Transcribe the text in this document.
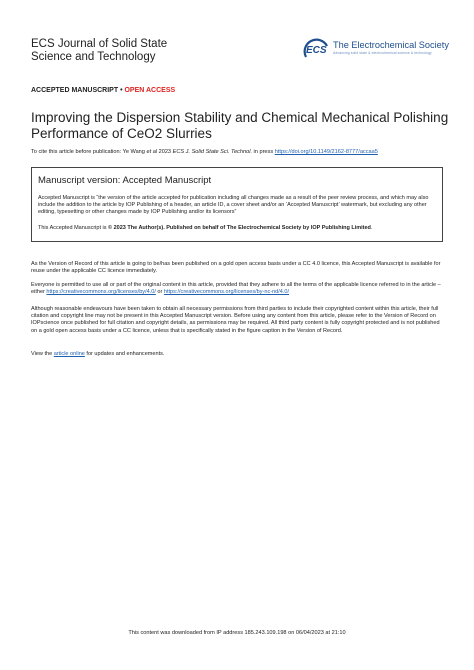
ECS Journal of Solid State
Science and Technology
ECS The Electrochemical Society
Advancing solid state & electrochemical science & technology
ACCEPTED MANUSCRIPT • OPEN ACCESS
Improving the Dispersion Stability and Chemical Mechanical Polishing Performance of CeO2 Slurries
To cite this article before publication: Ye Wang et al 2023 ECS J. Solid State Sci. Technol. in press https://doi.org/10.1149/2162-8777/accaa5
Manuscript version: Accepted Manuscript
Accepted Manuscript is “the version of the article accepted for publication including all changes made as a result of the peer review process, and which may also include the addition to the article by IOP Publishing of a header, an article ID, a cover sheet and/or an ‘Accepted Manuscript’ watermark, but excluding any other editing, typesetting or other changes made by IOP Publishing and/or its licensors”
This Accepted Manuscript is © 2023 The Author(s). Published on behalf of The Electrochemical Society by IOP Publishing Limited.
As the Version of Record of this article is going to be/has been published on a gold open access basis under a CC 4.0 licence, this Accepted Manuscript is available for reuse under the applicable CC licence immediately.
Everyone is permitted to use all or part of the original content in this article, provided that they adhere to all the terms of the applicable licence referred to in the article – either https://creativecommons.org/licenses/by/4.0/ or https://creativecommons.org/licenses/by-nc-nd/4.0/
Although reasonable endeavours have been taken to obtain all necessary permissions from third parties to include their copyrighted content within this article, their full citation and copyright line may not be present in this Accepted Manuscript version. Before using any content from this article, please refer to the Version of Record on IOPscience once published for full citation and copyright details, as permissions may be required. All third party content is fully copyright protected and is not published on a gold open access basis under a CC licence, unless that is specifically stated in the figure caption in the Version of Record.
View the article online for updates and enhancements.
This content was downloaded from IP address 185.243.109.198 on 06/04/2023 at 21:10
